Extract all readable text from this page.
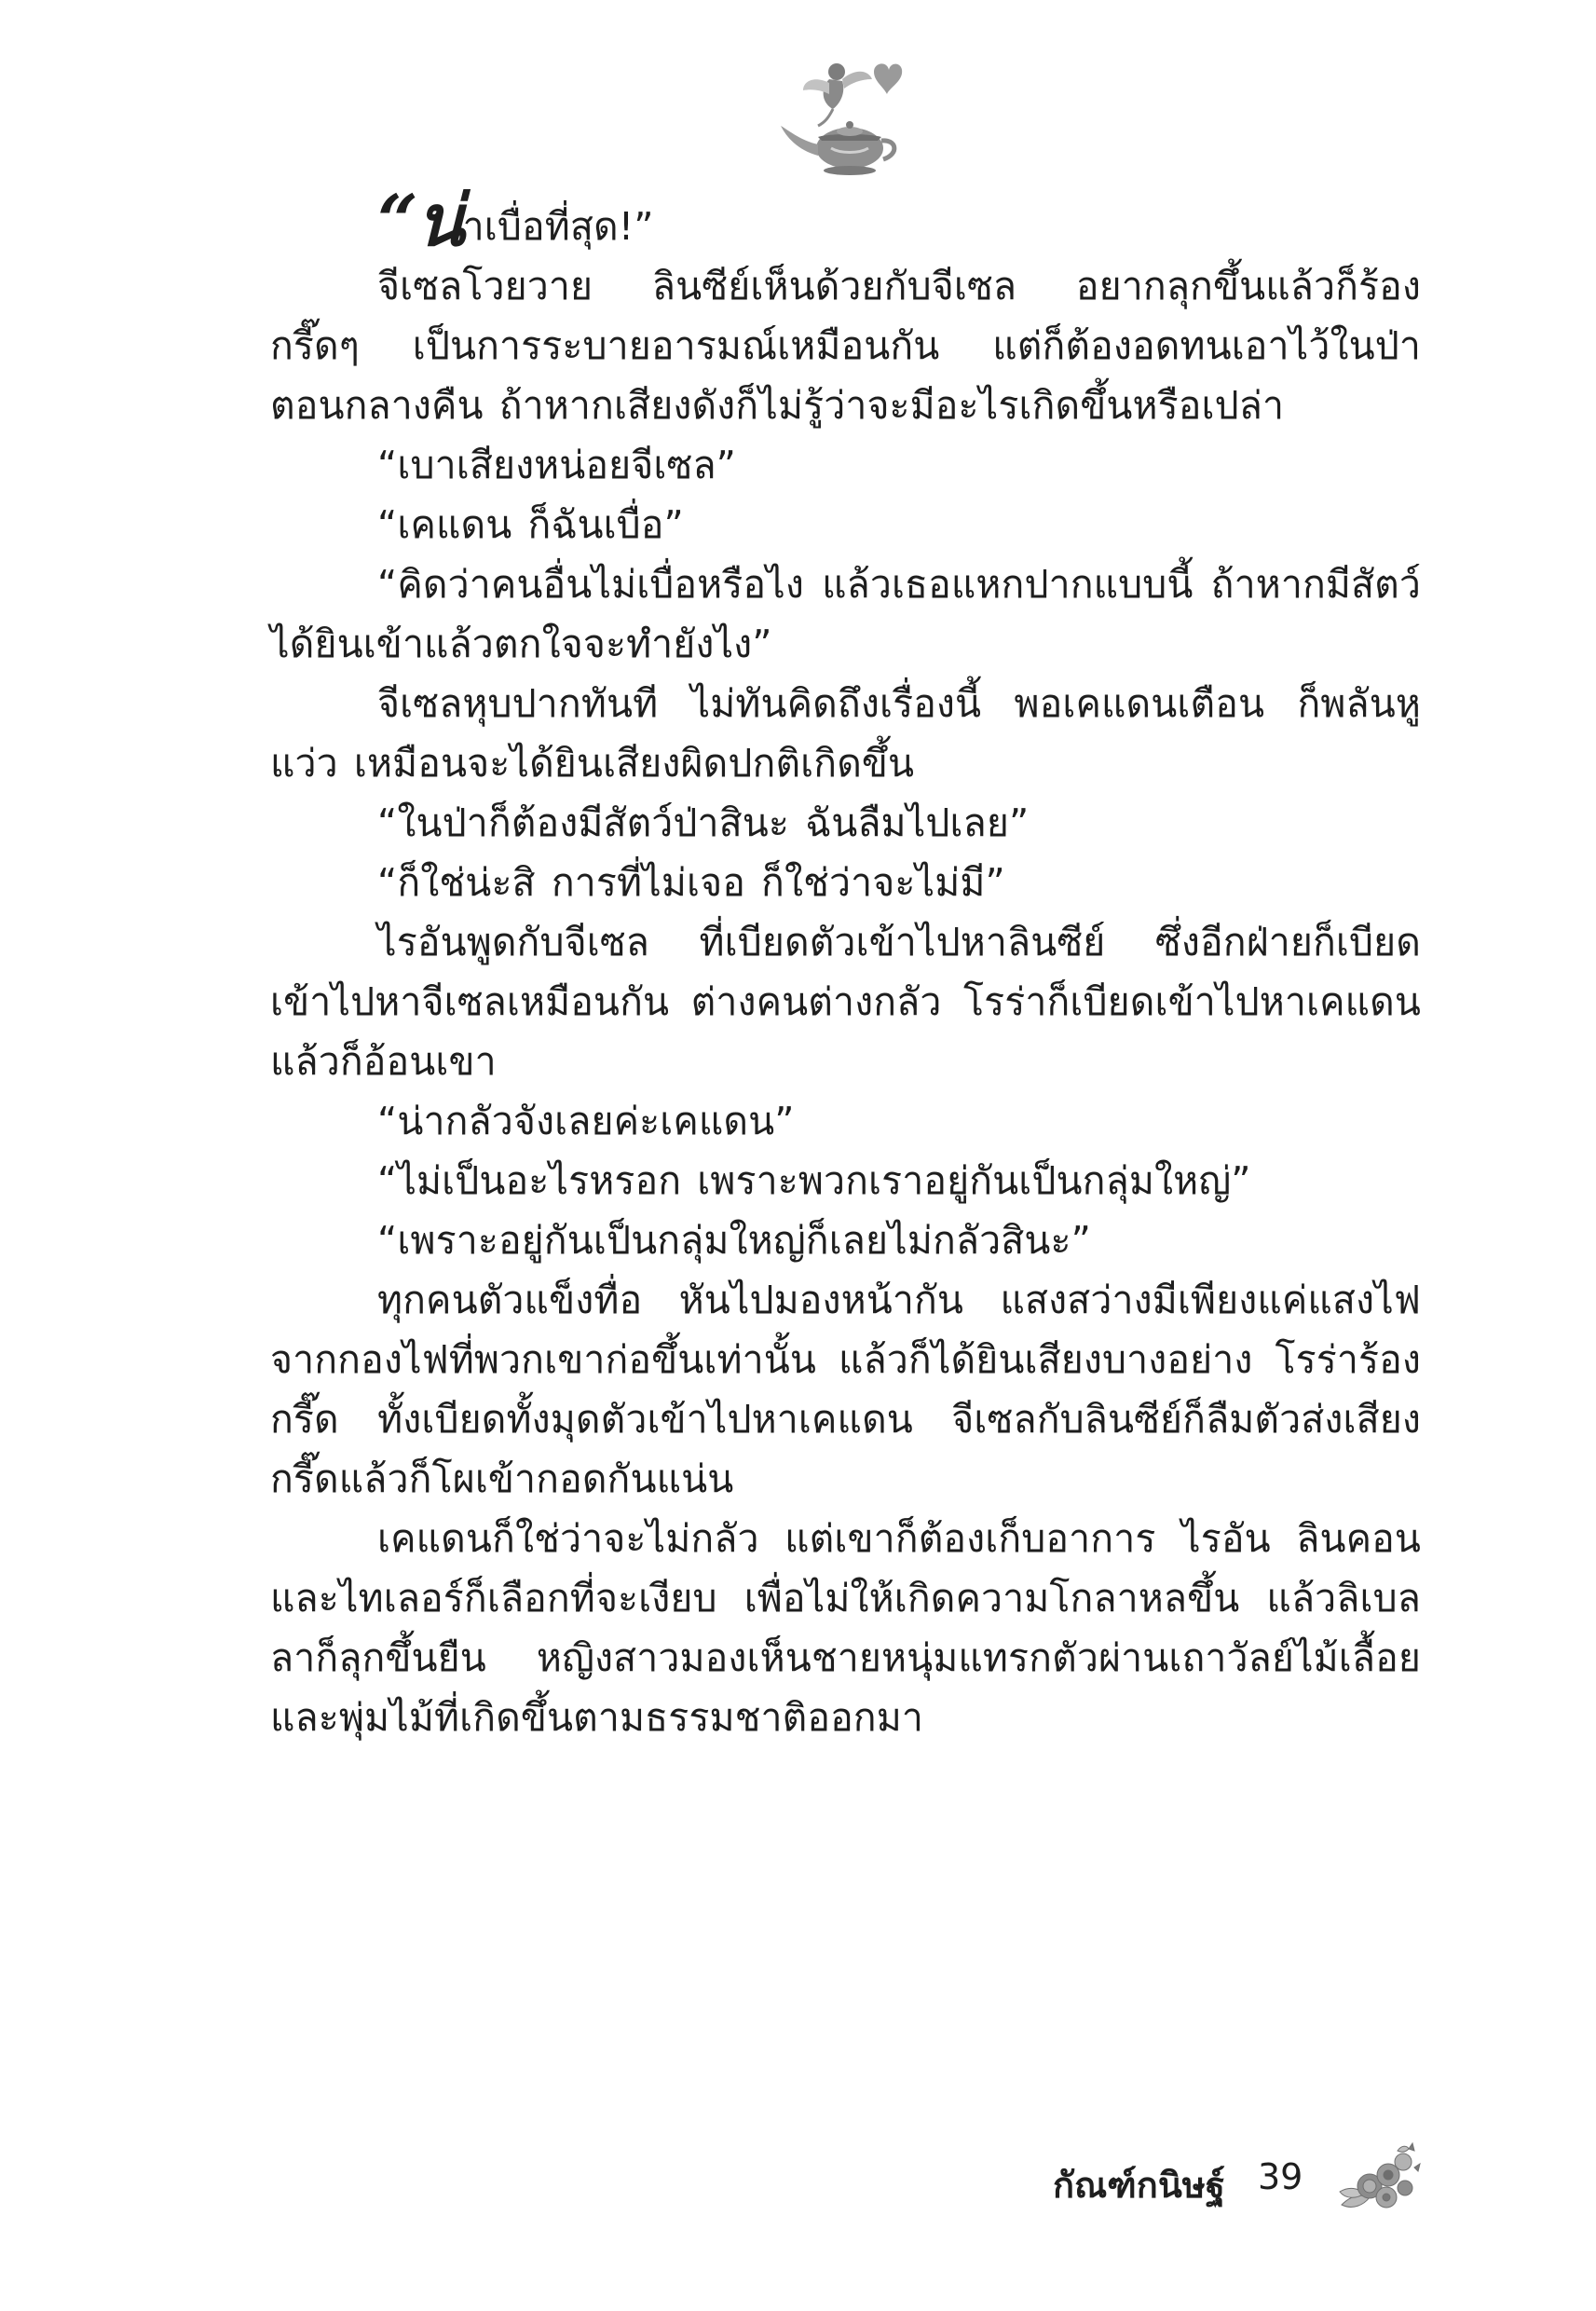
“น่าเบื่อที่สุด!”

จีเซลโวยวาย ลินซีย์เห็นด้วยกับจีเซล อยากลุกขึ้นแล้วก็ร้องกรี๊ดๆ เป็นการระบายอารมณ์เหมือนกัน แต่ก็ต้องอดทนเอาไว้ในป่าตอนกลางคืน ถ้าหากเสียงดังก็ไม่รู้ว่าจะมีอะไรเกิดขึ้นหรือเปล่า

“เบาเสียงหน่อยจีเซล”

“เคแดน ก็ฉันเบื่อ”

“คิดว่าคนอื่นไม่เบื่อหรือไง แล้วเธอแหกปากแบบนี้ ถ้าหากมีสัตว์ได้ยินเข้าแล้วตกใจจะทำยังไง”

จีเซลหุบปากทันที ไม่ทันคิดถึงเรื่องนี้ พอเคแดนเตือน ก็พลันหูแว่ว เหมือนจะได้ยินเสียงผิดปกติเกิดขึ้น

“ในป่าก็ต้องมีสัตว์ป่าสินะ ฉันลืมไปเลย”

“ก็ใช่น่ะสิ การที่ไม่เจอ ก็ใช่ว่าจะไม่มี”

ไรอันพูดกับจีเซล ที่เบียดตัวเข้าไปหาลินซีย์ ซึ่งอีกฝ่ายก็เบียดเข้าไปหาจีเซลเหมือนกัน ต่างคนต่างกลัว โรร่าก็เบียดเข้าไปหาเคแดนแล้วก็อ้อนเขา

“น่ากลัวจังเลยค่ะเคแดน”

“ไม่เป็นอะไรหรอก เพราะพวกเราอยู่กันเป็นกลุ่มใหญ่”

“เพราะอยู่กันเป็นกลุ่มใหญ่ก็เลยไม่กลัวสินะ”

ทุกคนตัวแข็งทื่อ หันไปมองหน้ากัน แสงสว่างมีเพียงแค่แสงไฟจากกองไฟที่พวกเขาก่อขึ้นเท่านั้น แล้วก็ได้ยินเสียงบางอย่าง โรร่าร้องกรี๊ด ทั้งเบียดทั้งมุดตัวเข้าไปหาเคแดน จีเซลกับลินซีย์ก็ลืมตัวส่งเสียงกรี๊ดแล้วก็โผเข้ากอดกันแน่น

เคแดนก็ใช่ว่าจะไม่กลัว แต่เขาก็ต้องเก็บอาการ ไรอัน ลินคอนและไทเลอร์ก็เลือกที่จะเงียบ เพื่อไม่ให้เกิดความโกลาหลขึ้น แล้วลิเบลลาก็ลุกขึ้นยืน หญิงสาวมองเห็นชายหนุ่มแทรกตัวผ่านเถาวัลย์ไม้เลื้อยและพุ่มไม้ที่เกิดขึ้นตามธรรมชาติออกมา

กัณฑ์กนิษฐ์ 39
